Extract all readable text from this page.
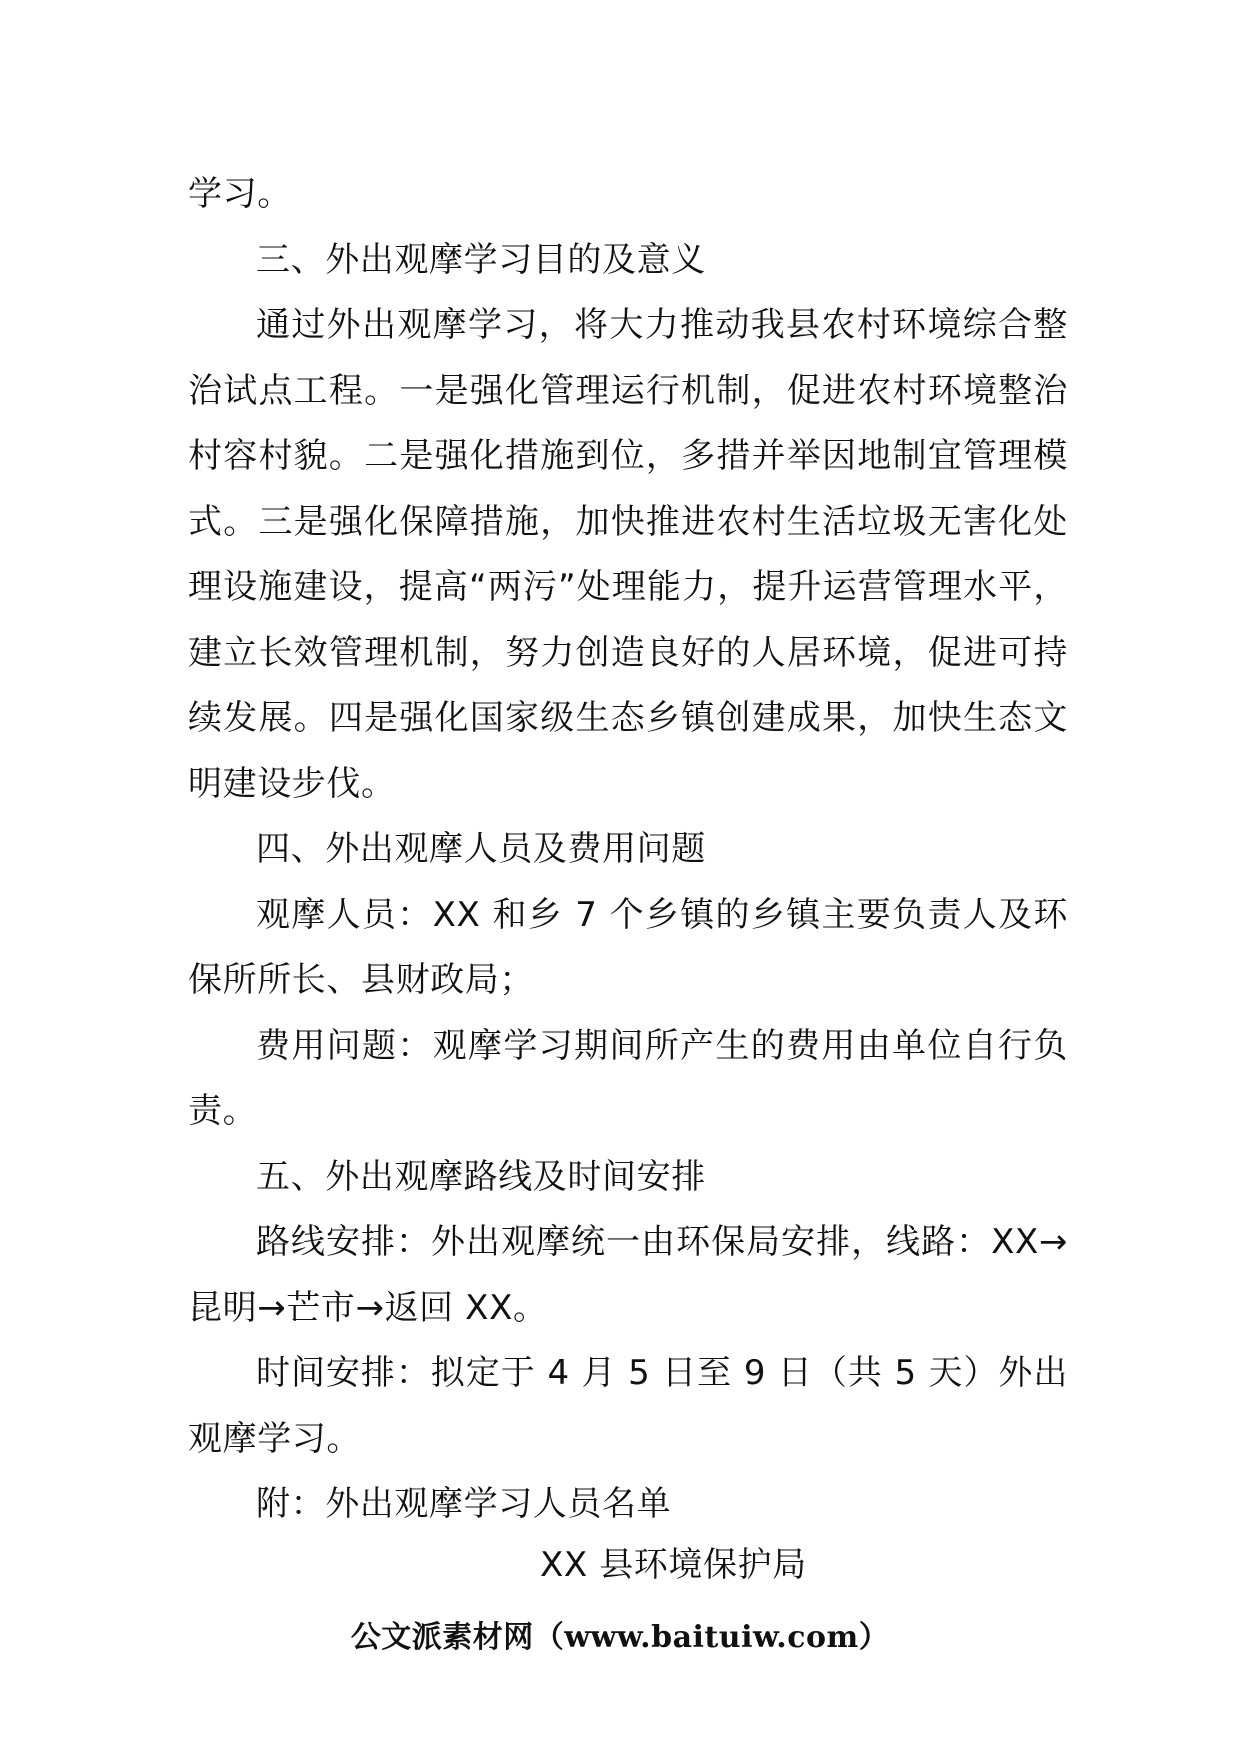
学习。

三、外出观摩学习目的及意义

通过外出观摩学习，将大力推动我县农村环境综合整治试点工程。一是强化管理运行机制，促进农村环境整治村容村貌。二是强化措施到位，多措并举因地制宜管理模式。三是强化保障措施，加快推进农村生活垃圾无害化处理设施建设，提高“两污”处理能力，提升运营管理水平，建立长效管理机制，努力创造良好的人居环境，促进可持续发展。四是强化国家级生态乡镇创建成果，加快生态文明建设步伐。

四、外出观摩人员及费用问题

观摩人员：XX 和乡 7 个乡镇的乡镇主要负责人及环保所所长、县财政局；

费用问题：观摩学习期间所产生的费用由单位自行负责。

五、外出观摩路线及时间安排

路线安排：外出观摩统一由环保局安排，线路：XX→昆明→芒市→返回 XX。

时间安排：拟定于 4 月 5 日至 9 日（共 5 天）外出观摩学习。

附：外出观摩学习人员名单

XX 县环境保护局
公文派素材网（www.baituiw.com）
